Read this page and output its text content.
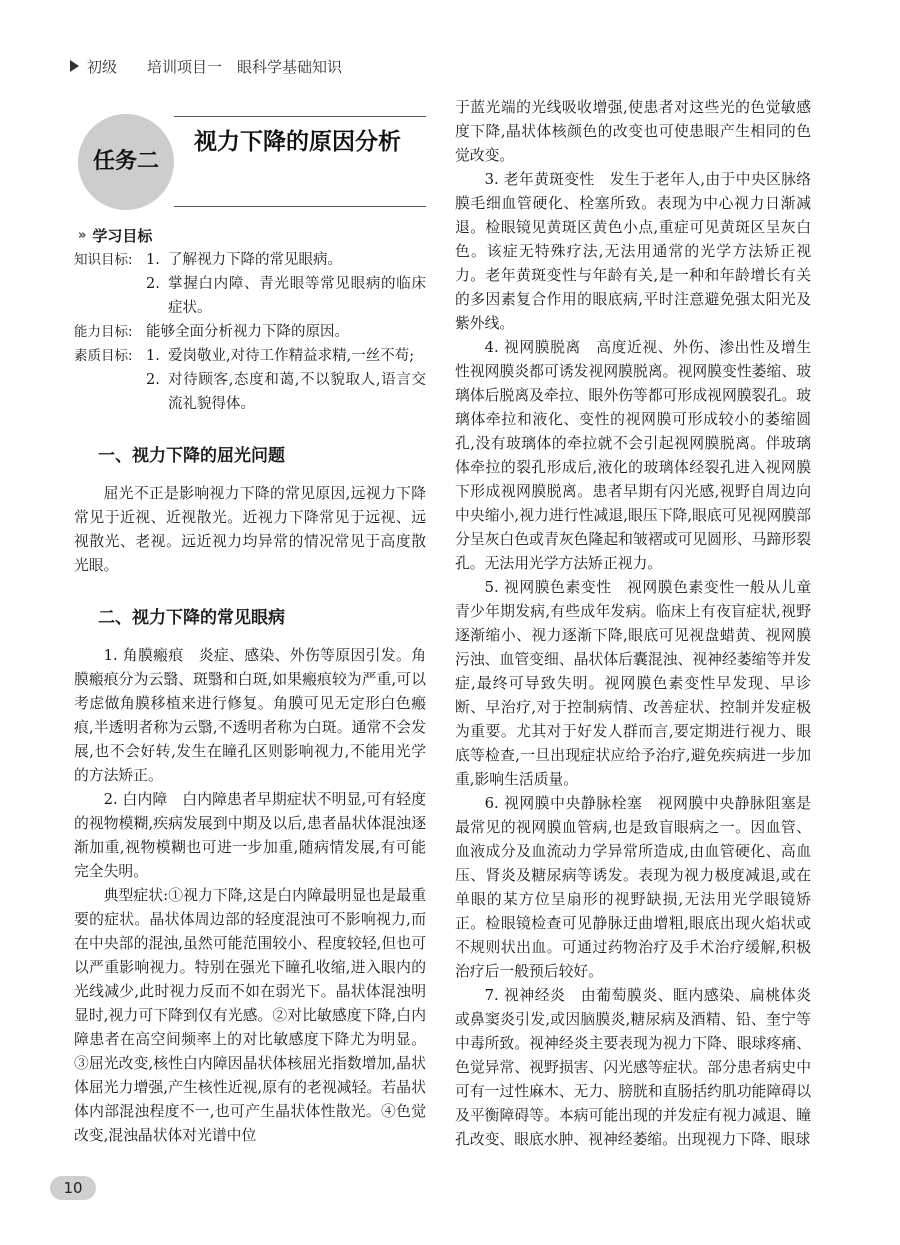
初级 培训项目一　眼科学基础知识
任务二
视力下降的原因分析
» 学习目标
知识目标: 1. 了解视力下降的常见眼病。
2. 掌握白内障、青光眼等常见眼病的临床症状。
能力目标: 能够全面分析视力下降的原因。
素质目标: 1. 爱岗敬业,对待工作精益求精,一丝不苟;
2. 对待顾客,态度和蔼,不以貌取人,语言交流礼貌得体。
一、视力下降的屈光问题

屈光不正是影响视力下降的常见原因,远视力下降常见于近视、近视散光。近视力下降常见于远视、远视散光、老视。远近视力均异常的情况常见于高度散光眼。

二、视力下降的常见眼病

1. 角膜瘢痕　炎症、感染、外伤等原因引发。角膜瘢痕分为云翳、斑翳和白斑,如果瘢痕较为严重,可以考虑做角膜移植来进行修复。角膜可见无定形白色瘢痕,半透明者称为云翳,不透明者称为白斑。通常不会发展,也不会好转,发生在瞳孔区则影响视力,不能用光学的方法矫正。

2. 白内障　白内障患者早期症状不明显,可有轻度的视物模糊,疾病发展到中期及以后,患者晶状体混浊逐渐加重,视物模糊也可进一步加重,随病情发展,有可能完全失明。

典型症状:①视力下降,这是白内障最明显也是最重要的症状。晶状体周边部的轻度混浊可不影响视力,而在中央部的混浊,虽然可能范围较小、程度较轻,但也可以严重影响视力。特别在强光下瞳孔收缩,进入眼内的光线减少,此时视力反而不如在弱光下。晶状体混浊明显时,视力可下降到仅有光感。②对比敏感度下降,白内障患者在高空间频率上的对比敏感度下降尤为明显。③屈光改变,核性白内障因晶状体核屈光指数增加,晶状体屈光力增强,产生核性近视,原有的老视减轻。若晶状体内部混浊程度不一,也可产生晶状体性散光。④色觉改变,混浊晶状体对光谱中位

于蓝光端的光线吸收增强,使患者对这些光的色觉敏感度下降,晶状体核颜色的改变也可使患眼产生相同的色觉改变。

3. 老年黄斑变性　发生于老年人,由于中央区脉络膜毛细血管硬化、栓塞所致。表现为中心视力日渐减退。检眼镜见黄斑区黄色小点,重症可见黄斑区呈灰白色。该症无特殊疗法,无法用通常的光学方法矫正视力。老年黄斑变性与年龄有关,是一种和年龄增长有关的多因素复合作用的眼底病,平时注意避免强太阳光及紫外线。

4. 视网膜脱离　高度近视、外伤、渗出性及增生性视网膜炎都可诱发视网膜脱离。视网膜变性萎缩、玻璃体后脱离及牵拉、眼外伤等都可形成视网膜裂孔。玻璃体牵拉和液化、变性的视网膜可形成较小的萎缩圆孔,没有玻璃体的牵拉就不会引起视网膜脱离。伴玻璃体牵拉的裂孔形成后,液化的玻璃体经裂孔进入视网膜下形成视网膜脱离。患者早期有闪光感,视野自周边向中央缩小,视力进行性减退,眼压下降,眼底可见视网膜部分呈灰白色或青灰色隆起和皱褶或可见圆形、马蹄形裂孔。无法用光学方法矫正视力。

5. 视网膜色素变性　视网膜色素变性一般从儿童青少年期发病,有些成年发病。临床上有夜盲症状,视野逐渐缩小、视力逐渐下降,眼底可见视盘蜡黄、视网膜污浊、血管变细、晶状体后囊混浊、视神经萎缩等并发症,最终可导致失明。视网膜色素变性早发现、早诊断、早治疗,对于控制病情、改善症状、控制并发症极为重要。尤其对于好发人群而言,要定期进行视力、眼底等检查,一旦出现症状应给予治疗,避免疾病进一步加重,影响生活质量。

6. 视网膜中央静脉栓塞　视网膜中央静脉阻塞是最常见的视网膜血管病,也是致盲眼病之一。因血管、血液成分及血流动力学异常所造成,由血管硬化、高血压、肾炎及糖尿病等诱发。表现为视力极度减退,或在单眼的某方位呈扇形的视野缺损,无法用光学眼镜矫正。检眼镜检查可见静脉迂曲增粗,眼底出现火焰状或不规则状出血。可通过药物治疗及手术治疗缓解,积极治疗后一般预后较好。

7. 视神经炎　由葡萄膜炎、眶内感染、扁桃体炎或鼻窦炎引发,或因脑膜炎,糖尿病及酒精、铅、奎宁等中毒所致。视神经炎主要表现为视力下降、眼球疼痛、色觉异常、视野损害、闪光感等症状。部分患者病史中可有一过性麻木、无力、膀胱和直肠括约肌功能障碍以及平衡障碍等。本病可能出现的并发症有视力减退、瞳孔改变、眼底水肿、视神经萎缩。出现视力下降、眼球

10
